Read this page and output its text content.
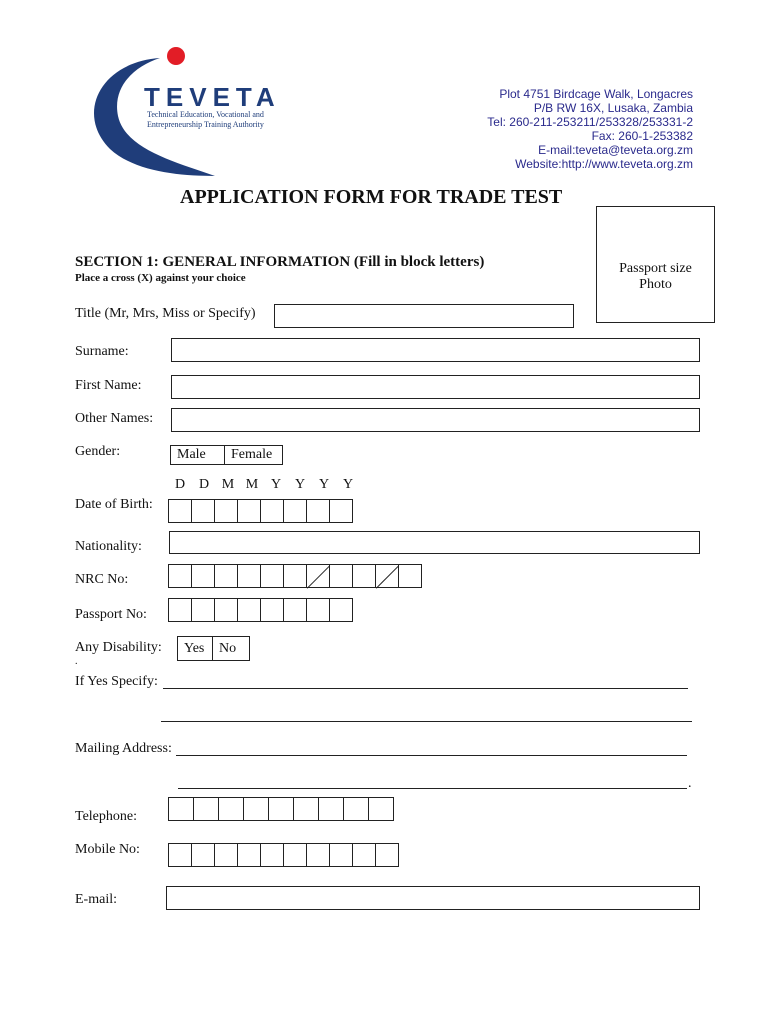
TEVETA
Technical Education, Vocational and
Entrepreneurship Training Authority
Plot 4751 Birdcage Walk, Longacres
P/B RW 16X, Lusaka, Zambia
Tel: 260-211-253211/253328/253331-2
Fax: 260-1-253382
E-mail:teveta@teveta.org.zm
Website:http://www.teveta.org.zm
APPLICATION FORM FOR TRADE TEST
Passport size
Photo
SECTION 1: GENERAL INFORMATION (Fill in block letters)
Place a cross (X) against your choice
Title (Mr, Mrs, Miss or Specify)
Surname:
First Name:
Other Names:
Gender:	Male	Female
D D M M Y Y Y Y
Date of Birth:
Nationality:
NRC No:
Passport No:
Any Disability:	Yes	No
.
If Yes Specify:
Mailing Address:
.
Telephone:
Mobile No:
E-mail:
